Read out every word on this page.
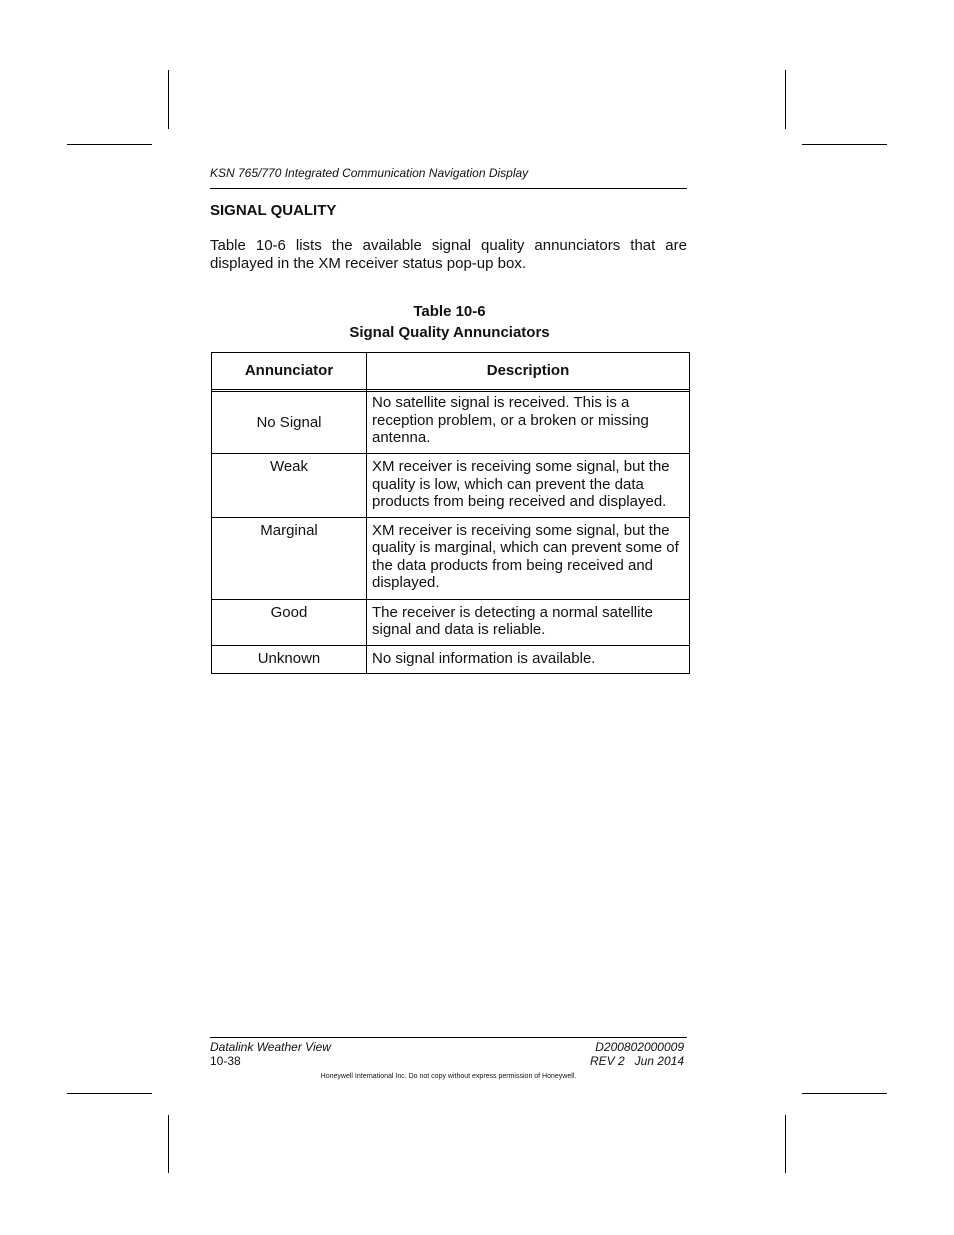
KSN 765/770 Integrated Communication Navigation Display
SIGNAL QUALITY
Table 10-6 lists the available signal quality annunciators that are displayed in the XM receiver status pop-up box.
Table 10-6
Signal Quality Annunciators
Annunciator	Description

No Signal	No satellite signal is received. This is a reception problem, or a broken or missing antenna.
Weak	XM receiver is receiving some signal, but the quality is low, which can prevent the data products from being received and displayed.
Marginal	XM receiver is receiving some signal, but the quality is marginal, which can prevent some of the data products from being received and displayed.
Good	The receiver is detecting a normal satellite signal and data is reliable.
Unknown	No signal information is available.
Datalink Weather View
10-38
D200802000009
REV 2   Jun 2014
Honeywell International Inc. Do not copy without express permission of Honeywell.
